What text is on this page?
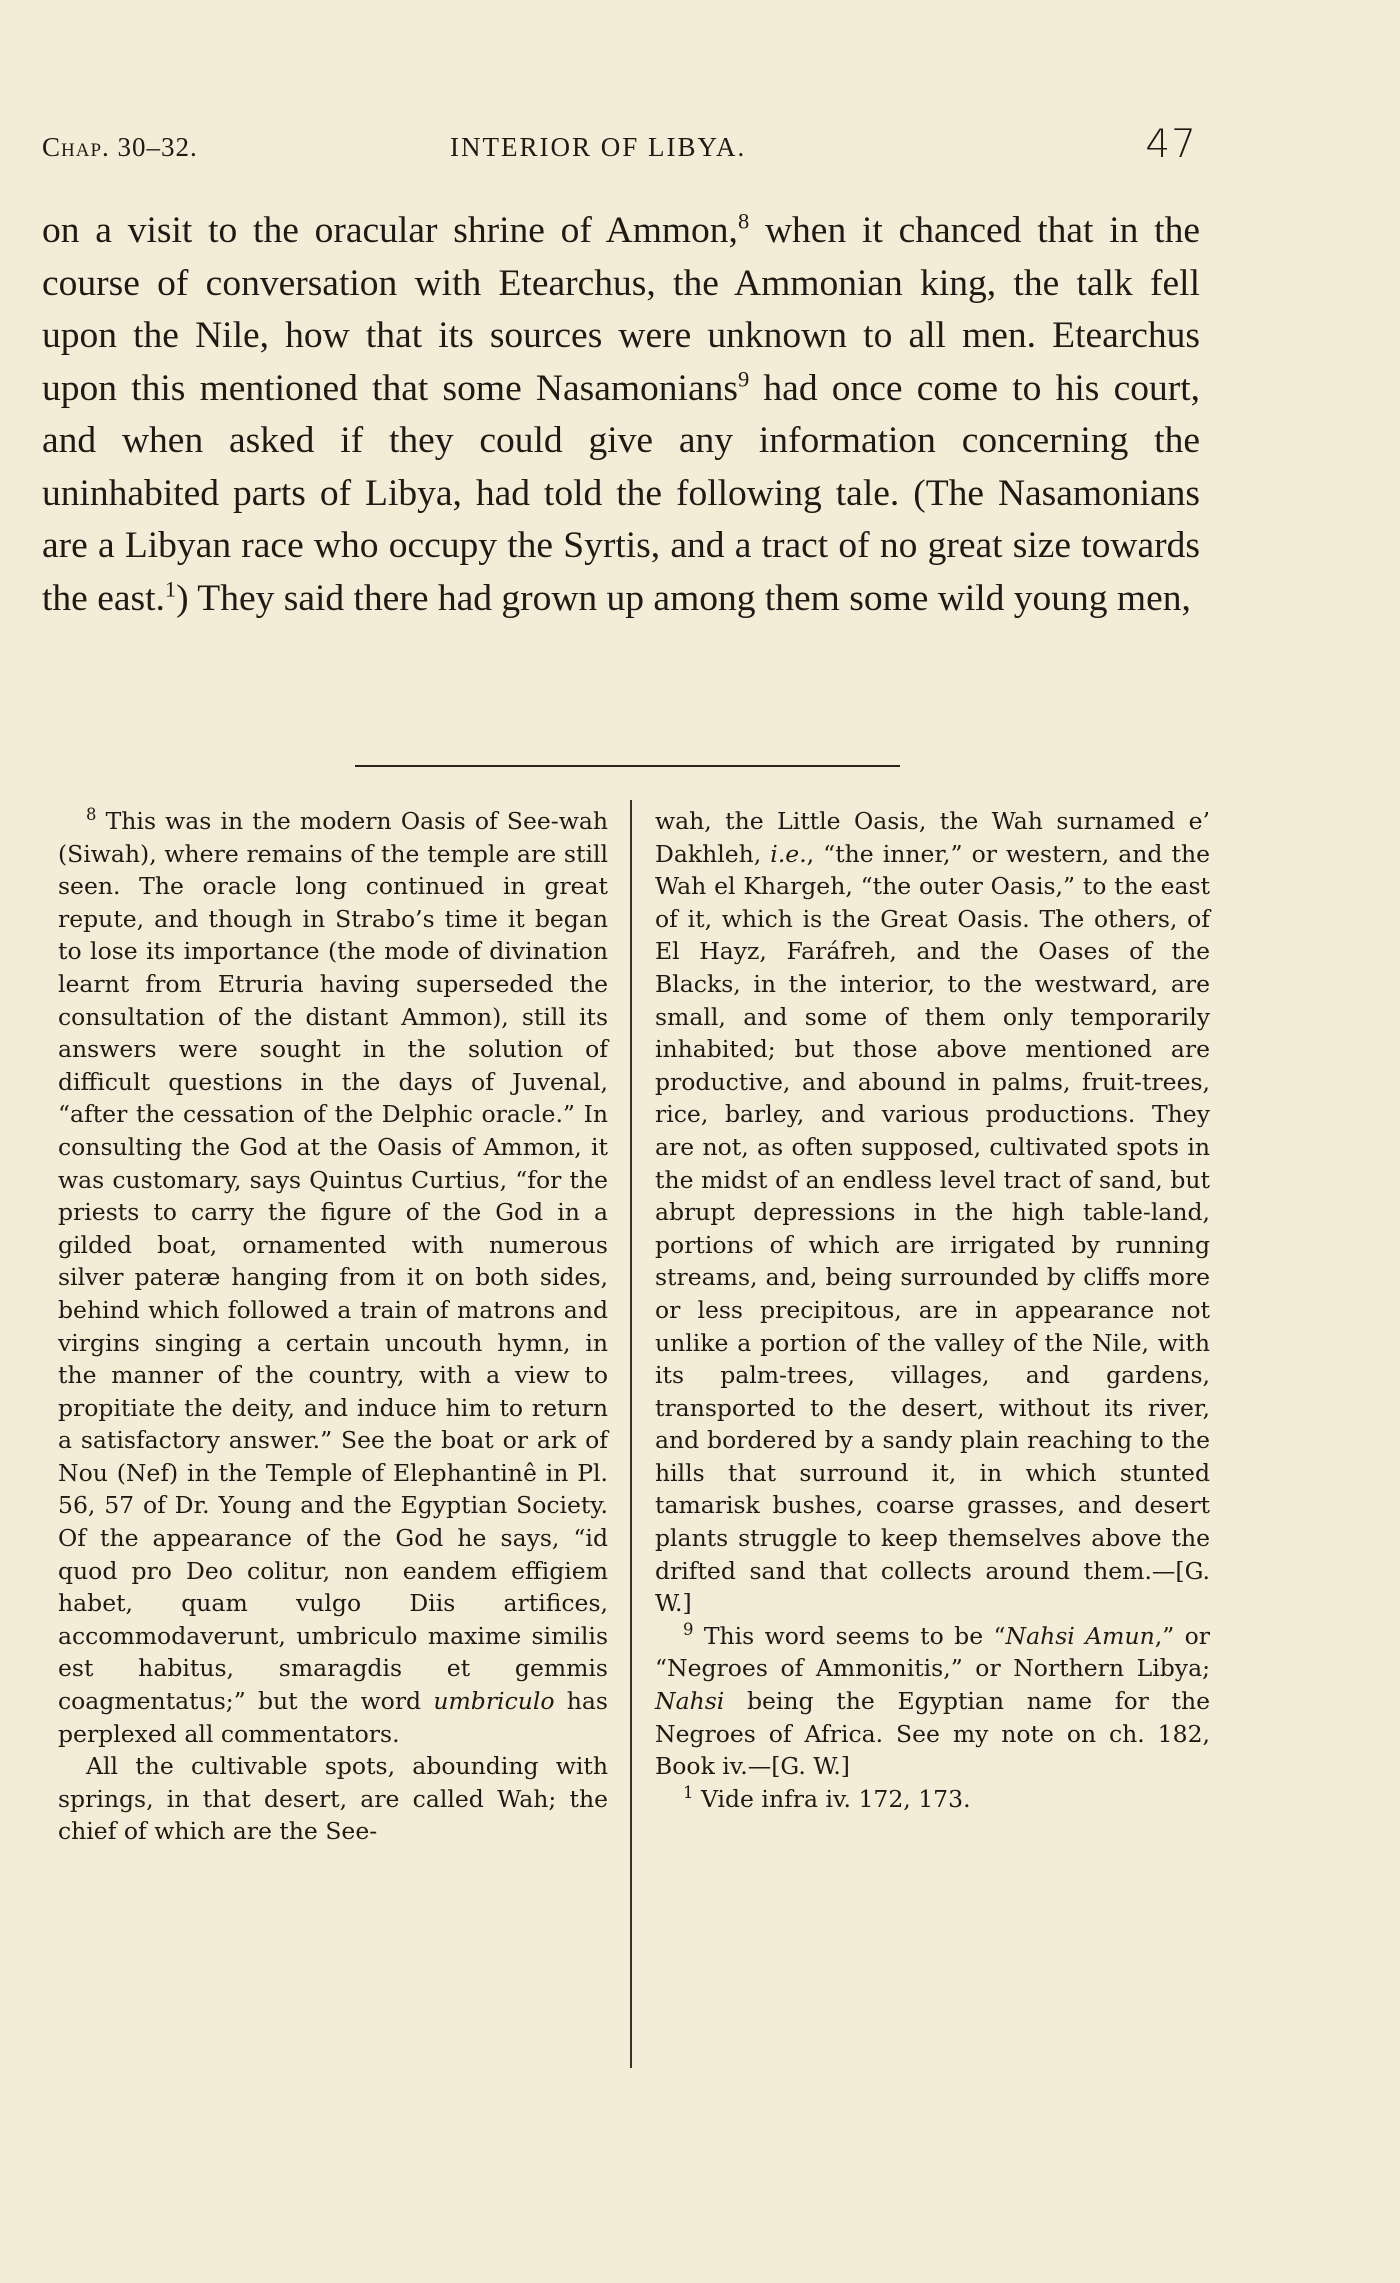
Chap. 30–32.	INTERIOR OF LIBYA.	47

on a visit to the oracular shrine of Ammon,$^8$ when it chanced that in the course of conversation with Etearchus, the Ammonian king, the talk fell upon the Nile, how that its sources were unknown to all men. Etearchus upon this mentioned that some Nasamonians$^9$ had once come to his court, and when asked if they could give any information concerning the uninhabited parts of Libya, had told the following tale. (The Nasamonians are a Libyan race who occupy the Syrtis, and a tract of no great size towards the east.$^1$) They said there had grown up among them some wild young men,

$^8$ This was in the modern Oasis of See-wah (Siwah), where remains of the temple are still seen. The oracle long continued in great repute, and though in Strabo’s time it began to lose its importance (the mode of divination learnt from Etruria having superseded the consultation of the distant Ammon), still its answers were sought in the solution of difficult questions in the days of Juvenal, “after the cessation of the Delphic oracle.” In consulting the God at the Oasis of Ammon, it was customary, says Quintus Curtius, “for the priests to carry the figure of the God in a gilded boat, ornamented with numerous silver pateræ hanging from it on both sides, behind which followed a train of matrons and virgins singing a certain uncouth hymn, in the manner of the country, with a view to propitiate the deity, and induce him to return a satisfactory answer.” See the boat or ark of Nou (Nef) in the Temple of Elephantinê in Pl. 56, 57 of Dr. Young and the Egyptian Society. Of the appearance of the God he says, “id quod pro Deo colitur, non eandem effigiem habet, quam vulgo Diis artifices, accommodaverunt, umbriculo maxime similis est habitus, smaragdis et gemmis coagmentatus;” but the word umbriculo has perplexed all commentators.

All the cultivable spots, abounding with springs, in that desert, are called Wah; the chief of which are the See-

wah, the Little Oasis, the Wah surnamed e’ Dakhleh, i.e., “the inner,” or western, and the Wah el Khargeh, “the outer Oasis,” to the east of it, which is the Great Oasis. The others, of El Hayz, Faráfreh, and the Oases of the Blacks, in the interior, to the westward, are small, and some of them only temporarily inhabited; but those above mentioned are productive, and abound in palms, fruit-trees, rice, barley, and various productions. They are not, as often supposed, cultivated spots in the midst of an endless level tract of sand, but abrupt depressions in the high table-land, portions of which are irrigated by running streams, and, being surrounded by cliffs more or less precipitous, are in appearance not unlike a portion of the valley of the Nile, with its palm-trees, villages, and gardens, transported to the desert, without its river, and bordered by a sandy plain reaching to the hills that surround it, in which stunted tamarisk bushes, coarse grasses, and desert plants struggle to keep themselves above the drifted sand that collects around them.—[G. W.]

$^9$ This word seems to be “Nahsi Amun,” or “Negroes of Ammonitis,” or Northern Libya; Nahsi being the Egyptian name for the Negroes of Africa. See my note on ch. 182, Book iv.—[G. W.]

$^1$ Vide infra iv. 172, 173.
